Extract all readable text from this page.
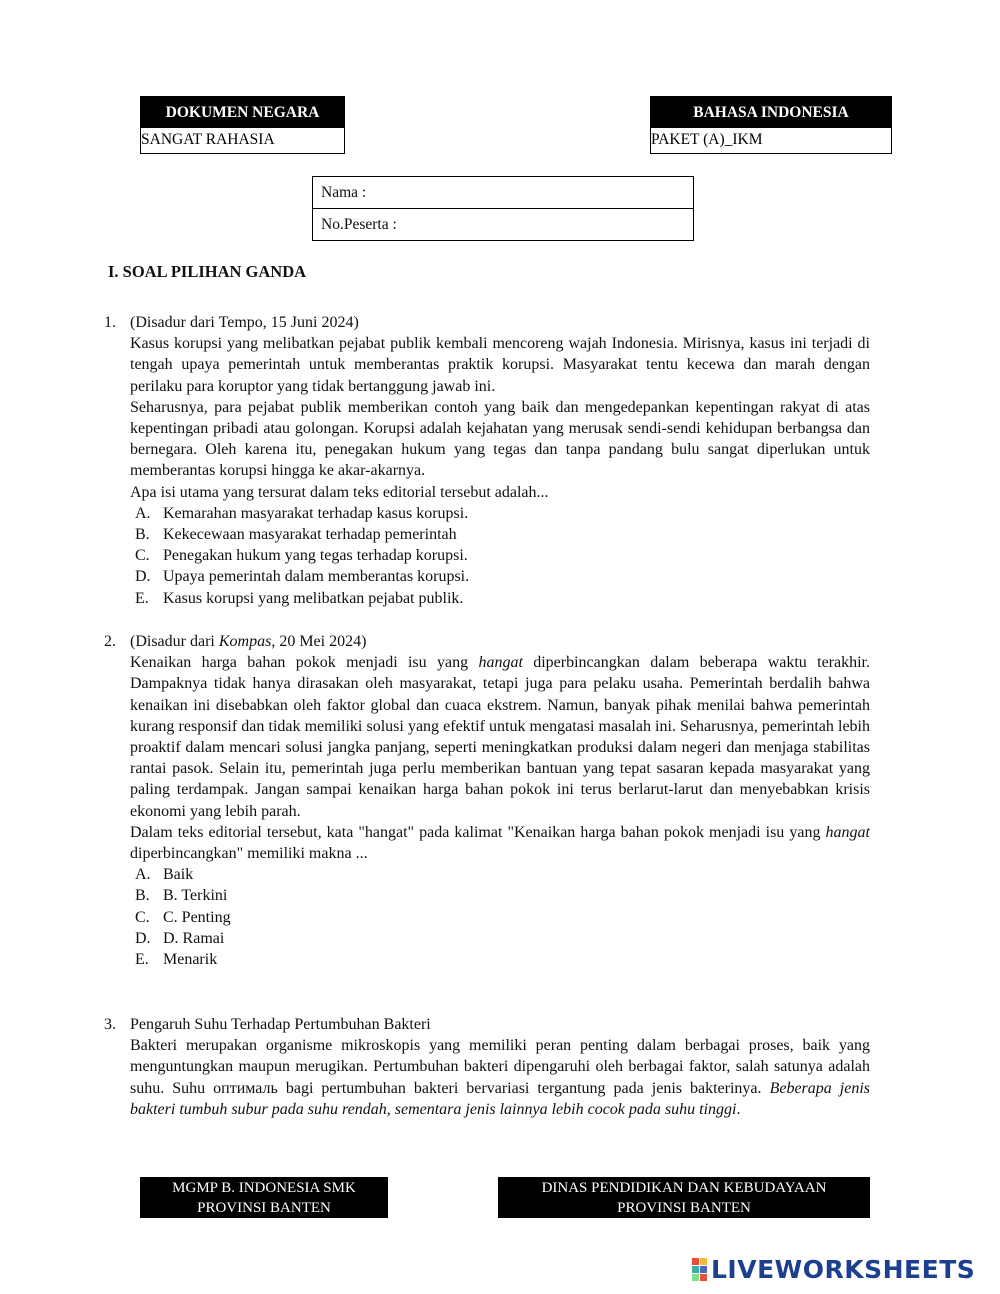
DOKUMEN NEGARA
SANGAT RAHASIA
BAHASA INDONESIA
PAKET (A)_IKM
Nama :
No.Peserta :
I. SOAL PILIHAN GANDA
1. (Disadur dari Tempo, 15 Juni 2024)

Kasus korupsi yang melibatkan pejabat publik kembali mencoreng wajah Indonesia. Mirisnya, kasus ini terjadi di tengah upaya pemerintah untuk memberantas praktik korupsi. Masyarakat tentu kecewa dan marah dengan perilaku para koruptor yang tidak bertanggung jawab ini.

Seharusnya, para pejabat publik memberikan contoh yang baik dan mengedepankan kepentingan rakyat di atas kepentingan pribadi atau golongan. Korupsi adalah kejahatan yang merusak sendi-sendi kehidupan berbangsa dan bernegara. Oleh karena itu, penegakan hukum yang tegas dan tanpa pandang bulu sangat diperlukan untuk memberantas korupsi hingga ke akar-akarnya.

Apa isi utama yang tersurat dalam teks editorial tersebut adalah...

A. Kemarahan masyarakat terhadap kasus korupsi.
B. Kekecewaan masyarakat terhadap pemerintah
C. Penegakan hukum yang tegas terhadap korupsi.
D. Upaya pemerintah dalam memberantas korupsi.
E. Kasus korupsi yang melibatkan pejabat publik.
2. (Disadur dari Kompas, 20 Mei 2024)

Kenaikan harga bahan pokok menjadi isu yang hangat diperbincangkan dalam beberapa waktu terakhir. Dampaknya tidak hanya dirasakan oleh masyarakat, tetapi juga para pelaku usaha. Pemerintah berdalih bahwa kenaikan ini disebabkan oleh faktor global dan cuaca ekstrem. Namun, banyak pihak menilai bahwa pemerintah kurang responsif dan tidak memiliki solusi yang efektif untuk mengatasi masalah ini. Seharusnya, pemerintah lebih proaktif dalam mencari solusi jangka panjang, seperti meningkatkan produksi dalam negeri dan menjaga stabilitas rantai pasok. Selain itu, pemerintah juga perlu memberikan bantuan yang tepat sasaran kepada masyarakat yang paling terdampak. Jangan sampai kenaikan harga bahan pokok ini terus berlarut-larut dan menyebabkan krisis ekonomi yang lebih parah.

Dalam teks editorial tersebut, kata "hangat" pada kalimat "Kenaikan harga bahan pokok menjadi isu yang hangat diperbincangkan" memiliki makna ...

A. Baik
B. B. Terkini
C. C. Penting
D. D. Ramai
E. Menarik
3. Pengaruh Suhu Terhadap Pertumbuhan Bakteri

Bakteri merupakan organisme mikroskopis yang memiliki peran penting dalam berbagai proses, baik yang menguntungkan maupun merugikan. Pertumbuhan bakteri dipengaruhi oleh berbagai faktor, salah satunya adalah suhu. Suhu оптималь bagi pertumbuhan bakteri bervariasi tergantung pada jenis bakterinya. Beberapa jenis bakteri tumbuh subur pada suhu rendah, sementara jenis lainnya lebih cocok pada suhu tinggi.

MGMP B. INDONESIA SMK
PROVINSI BANTEN
DINAS PENDIDIKAN DAN KEBUDAYAAN
PROVINSI BANTEN
LIVEWORKSHEETS
